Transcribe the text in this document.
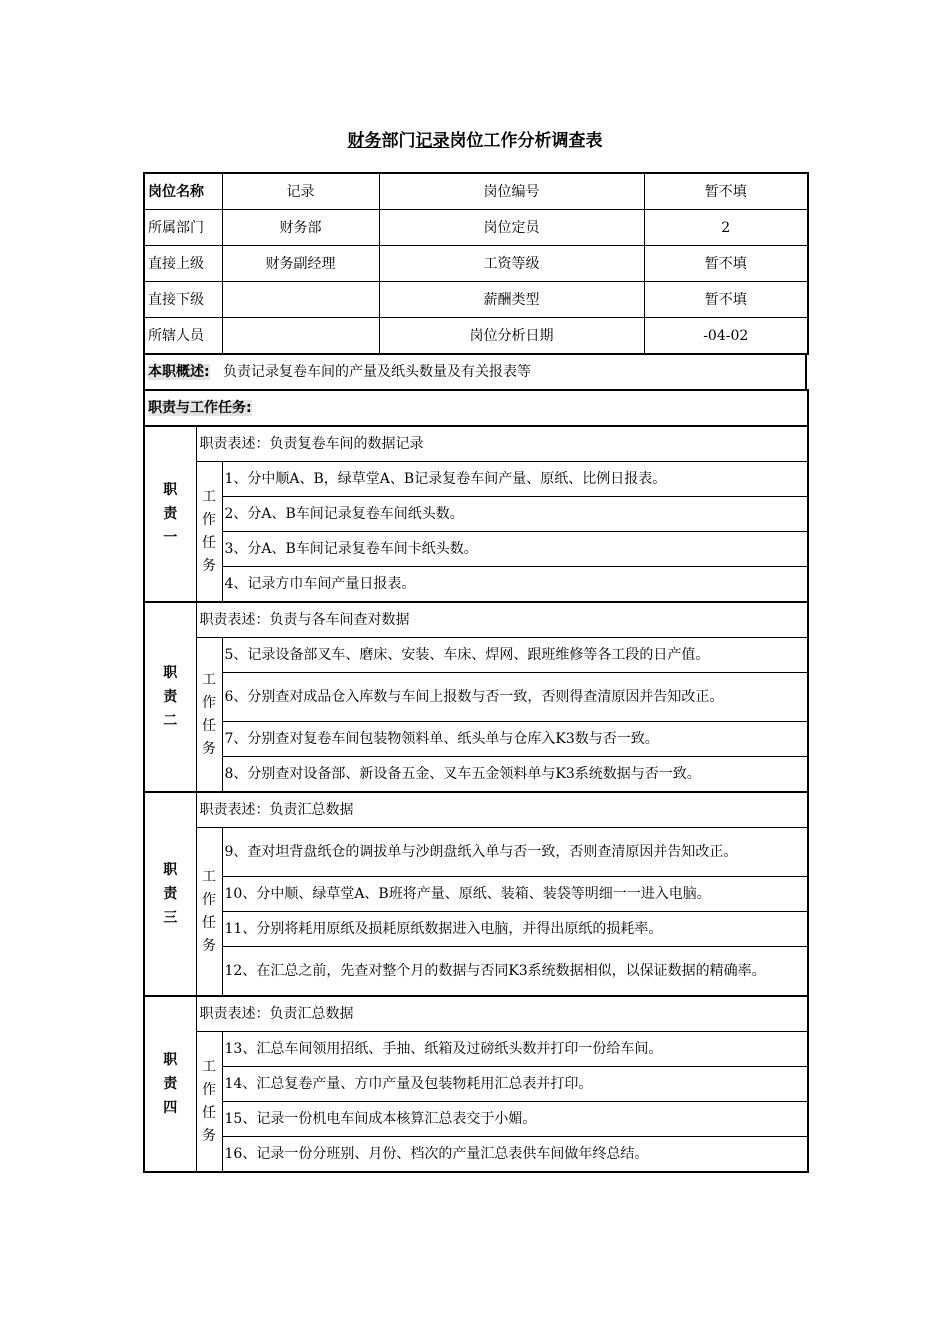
财务部门记录岗位工作分析调查表
岗位名称	记录	岗位编号	暂不填
所属部门	财务部	岗位定员	2
直接上级	财务副经理	工资等级	暂不填
直接下级		薪酬类型	暂不填
所辖人员		岗位分析日期	-04-02
本职概述: 负责记录复卷车间的产量及纸头数量及有关报表等
职责与工作任务:		

职
责
一	职责表述：负责复卷车间的数据记录	

	工
作
任
务	1、分中顺A、B，绿草堂A、B记录复卷车间产量、原纸、比例日报表。
		2、分A、B车间记录复卷车间纸头数。
		3、分A、B车间记录复卷车间卡纸头数。
		4、记录方巾车间产量日报表。

职
责
二	职责表述：负责与各车间查对数据	

	工
作
任
务	5、记录设备部叉车、磨床、安装、车床、焊网、跟班维修等各工段的日产值。
		6、分别查对成品仓入库数与车间上报数与否一致，否则得查清原因并告知改正。
		7、分别查对复卷车间包装物领料单、纸头单与仓库入K3数与否一致。
		8、分别查对设备部、新设备五金、叉车五金领料单与K3系统数据与否一致。

职
责
三	职责表述：负责汇总数据	

	工
作
任
务	9、查对坦背盘纸仓的调拔单与沙朗盘纸入单与否一致，否则查清原因并告知改正。
		10、分中顺、绿草堂A、B班将产量、原纸、装箱、装袋等明细一一进入电脑。
		11、分别将耗用原纸及损耗原纸数据进入电脑，并得出原纸的损耗率。
		12、在汇总之前，先查对整个月的数据与否同K3系统数据相似，以保证数据的精确率。

职
责
四	职责表述：负责汇总数据	

	工
作
任
务	13、汇总车间领用招纸、手抽、纸箱及过磅纸头数并打印一份给车间。
		14、汇总复卷产量、方巾产量及包装物耗用汇总表并打印。
		15、记录一份机电车间成本核算汇总表交于小媚。
		16、记录一份分班别、月份、档次的产量汇总表供车间做年终总结。
